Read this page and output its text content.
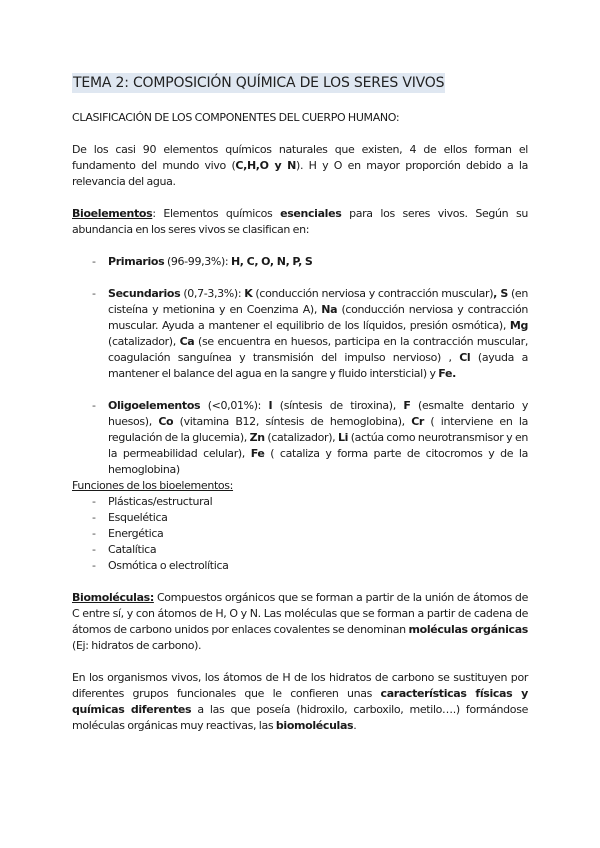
TEMA 2: COMPOSICIÓN QUÍMICA DE LOS SERES VIVOS

CLASIFICACIÓN DE LOS COMPONENTES DEL CUERPO HUMANO:

De los casi 90 elementos químicos naturales que existen, 4 de ellos forman el fundamento del mundo vivo (C,H,O y N). H y O en mayor proporción debido a la relevancia del agua.

Bioelementos: Elementos químicos esenciales para los seres vivos. Según su abundancia en los seres vivos se clasifican en:

- Primarios (96-99,3%): H, C, O, N, P, S
- Secundarios (0,7-3,3%): K (conducción nerviosa y contracción muscular), S (en cisteína y metionina y en Coenzima A), Na (conducción nerviosa y contracción muscular. Ayuda a mantener el equilibrio de los líquidos, presión osmótica), Mg (catalizador), Ca (se encuentra en huesos, participa en la contracción muscular, coagulación sanguínea y transmisión del impulso nervioso) , Cl (ayuda a mantener el balance del agua en la sangre y fluido intersticial) y Fe.
- Oligoelementos (<0,01%): I (síntesis de tiroxina), F (esmalte dentario y huesos), Co (vitamina B12, síntesis de hemoglobina), Cr ( interviene en la regulación de la glucemia), Zn (catalizador), Li (actúa como neurotransmisor y en la permeabilidad celular), Fe ( cataliza y forma parte de citocromos y de la hemoglobina)

Funciones de los bioelementos:

- Plásticas/estructural
- Esquelética
- Energética
- Catalítica
- Osmótica o electrolítica

Biomoléculas: Compuestos orgánicos que se forman a partir de la unión de átomos de C entre sí, y con átomos de H, O y N. Las moléculas que se forman a partir de cadena de átomos de carbono unidos por enlaces covalentes se denominan moléculas orgánicas (Ej: hidratos de carbono).

En los organismos vivos, los átomos de H de los hidratos de carbono se sustituyen por diferentes grupos funcionales que le confieren unas características físicas y químicas diferentes a las que poseía (hidroxilo, carboxilo, metilo….) formándose moléculas orgánicas muy reactivas, las biomoléculas.
